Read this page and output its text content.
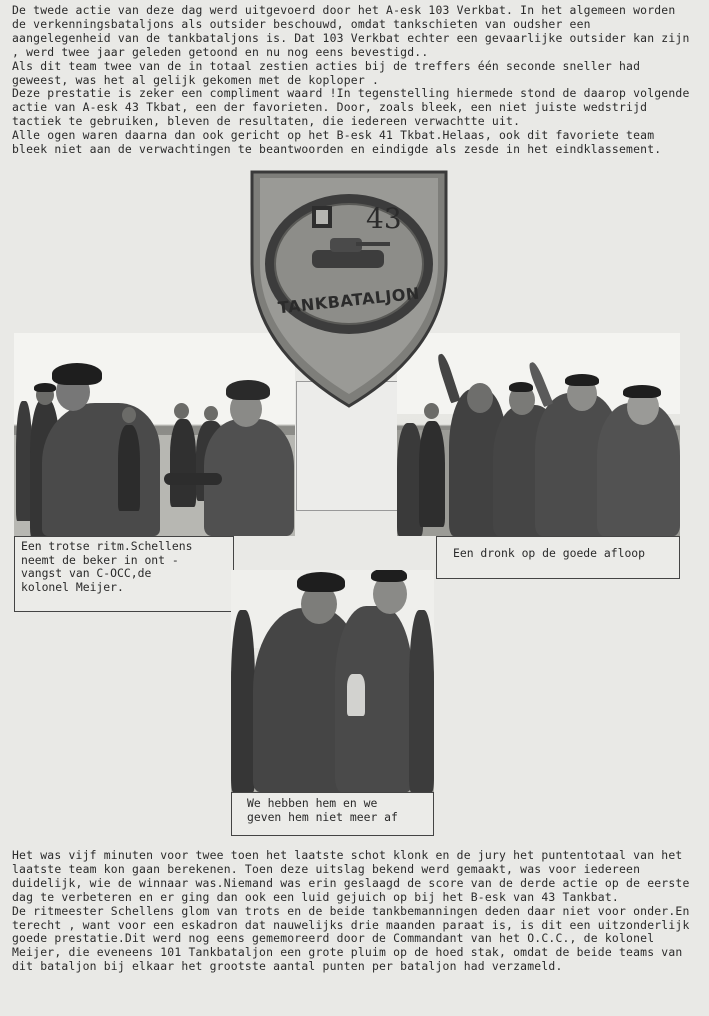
De twede actie van deze dag werd uitgevoerd door het A-esk 103 Verkbat. In het algemeen worden de verkenningsbataljons als outsider beschouwd, omdat tankschieten van oudsher een aangelegenheid van de tankbataljons is. Dat 103 Verkbat echter een gevaarlijke outsider kan zijn , werd twee jaar geleden getoond en nu nog eens bevestigd..

Als dit team twee van de in totaal zestien acties bij de treffers één seconde sneller had geweest, was het al gelijk gekomen met de koploper .

Deze prestatie is zeker een compliment waard !In tegenstelling hiermede stond de daarop volgende actie van A-esk 43 Tkbat, een der favorieten. Door, zoals bleek, een niet juiste wedstrijd tactiek te gebruiken, bleven de resultaten, die iedereen verwachtte uit.

Alle ogen waren daarna dan ook gericht op het B-esk 41 Tkbat.Helaas, ook dit favoriete team bleek niet aan de verwachtingen te beantwoorden en eindigde als zesde in het eindklassement.

Een trotse ritm.Schellens
neemt de beker in ont -
vangst van C-OCC,de
kolonel Meijer.
Een dronk op de goede afloop
We hebben hem en we
geven hem niet meer af
43
TANKBATALJON

Het was vijf minuten voor twee toen het laatste schot klonk en de jury het puntentotaal van het laatste team kon gaan berekenen. Toen deze uitslag bekend werd gemaakt, was voor iedereen duidelijk, wie de winnaar was.Niemand was erin geslaagd de score van de derde actie op de eerste dag te verbeteren en er ging dan ook een luid gejuich op bij het B-esk van 43 Tankbat.

De ritmeester Schellens glom van trots en de beide tankbemanningen deden daar niet voor onder.En terecht , want voor een eskadron dat nauwelijks drie maanden paraat is, is dit een uitzonderlijk goede prestatie.Dit werd nog eens gememoreerd door de Commandant van het O.C.C., de kolonel Meijer, die eveneens 101 Tankbataljon een grote pluim op de hoed stak, omdat de beide teams van dit bataljon bij elkaar het grootste aantal punten per bataljon had verzameld.
